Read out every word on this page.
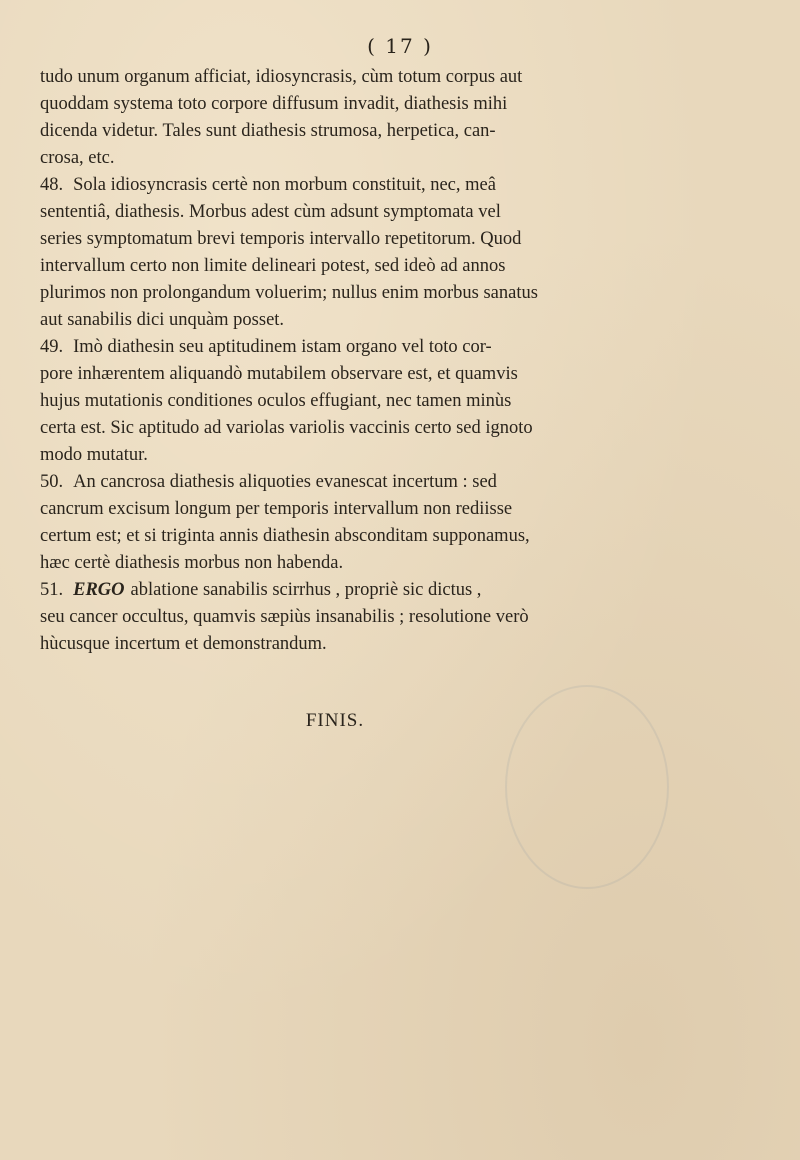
( 17 )

tudo unum organum afficiat, idiosyncrasis, cùm totum corpus aut
quoddam systema toto corpore diffusum invadit, diathesis mihi
dicenda videtur. Tales sunt diathesis strumosa, herpetica, can-
crosa, etc.

48. Sola idiosyncrasis certè non morbum constituit, nec, meâ
sententiâ, diathesis. Morbus adest cùm adsunt symptomata vel
series symptomatum brevi temporis intervallo repetitorum. Quod
intervallum certo non limite delineari potest, sed ideò ad annos
plurimos non prolongandum voluerim; nullus enim morbus sanatus
aut sanabilis dici unquàm posset.

49. Imò diathesin seu aptitudinem istam organo vel toto cor-
pore inhærentem aliquandò mutabilem observare est, et quamvis
hujus mutationis conditiones oculos effugiant, nec tamen minùs
certa est. Sic aptitudo ad variolas variolis vaccinis certo sed ignoto
modo mutatur.

50. An cancrosa diathesis aliquoties evanescat incertum : sed
cancrum excisum longum per temporis intervallum non rediisse
certum est; et si triginta annis diathesin absconditam supponamus,
hæc certè diathesis morbus non habenda.

51. ERGO ablatione sanabilis scirrhus , propriè sic dictus ,
seu cancer occultus, quamvis sæpiùs insanabilis ; resolutione verò
hùcusque incertum et demonstrandum.

FINIS.
